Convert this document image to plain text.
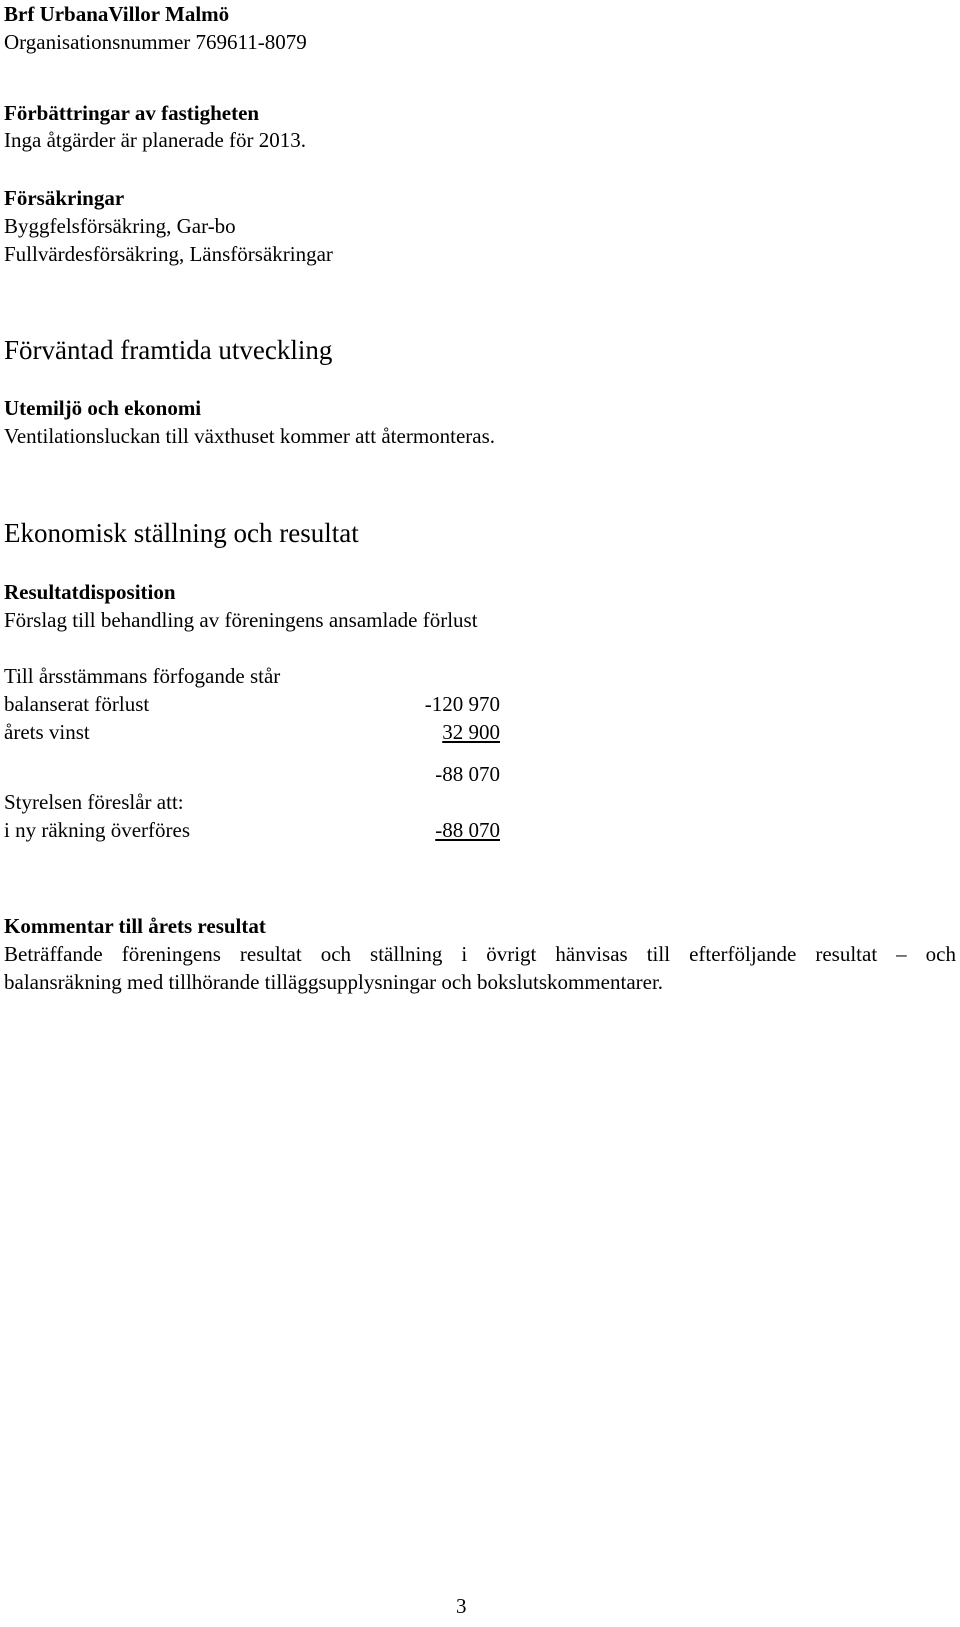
Brf UrbanaVillor Malmö
Organisationsnummer 769611-8079
Förbättringar av fastigheten
Inga åtgärder är planerade för 2013.
Försäkringar
Byggfelsförsäkring, Gar-bo
Fullvärdesförsäkring, Länsförsäkringar
Förväntad framtida utveckling
Utemiljö och ekonomi
Ventilationsluckan till växthuset kommer att återmonteras.
Ekonomisk ställning och resultat
Resultatdisposition
Förslag till behandling av föreningens ansamlade förlust
Till årsstämmans förfogande står
balanserat förlust	-120 970
årets vinst	32 900
-88 070
Styrelsen föreslår att:
i ny räkning överföres	-88 070
Kommentar till årets resultat
Beträffande föreningens resultat och ställning i övrigt hänvisas till efterföljande resultat – och
balansräkning med tillhörande tilläggsupplysningar och bokslutskommentarer.
3
